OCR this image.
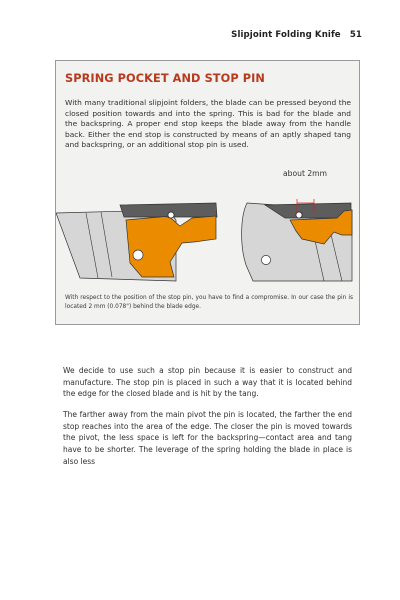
Slipjoint Folding Knife 51
SPRING POCKET AND STOP PIN

With many traditional slipjoint folders, the blade can be pressed beyond the closed position towards and into the spring. This is bad for the blade and the backspring. A proper end stop keeps the blade away from the handle back. Either the end stop is constructed by means of an aptly shaped tang and backspring, or an additional stop pin is used.

about 2mm

With respect to the position of the stop pin, you have to find a compromise. In our case the pin is located 2 mm (0.078") behind the blade edge.

We decide to use such a stop pin because it is easier to construct and manufacture. The stop pin is placed in such a way that it is located behind the edge for the closed blade and is hit by the tang.

The farther away from the main pivot the pin is located, the farther the end stop reaches into the area of the edge. The closer the pin is moved towards the pivot, the less space is left for the backspring—contact area and tang have to be shorter. The leverage of the spring holding the blade in place is also less
